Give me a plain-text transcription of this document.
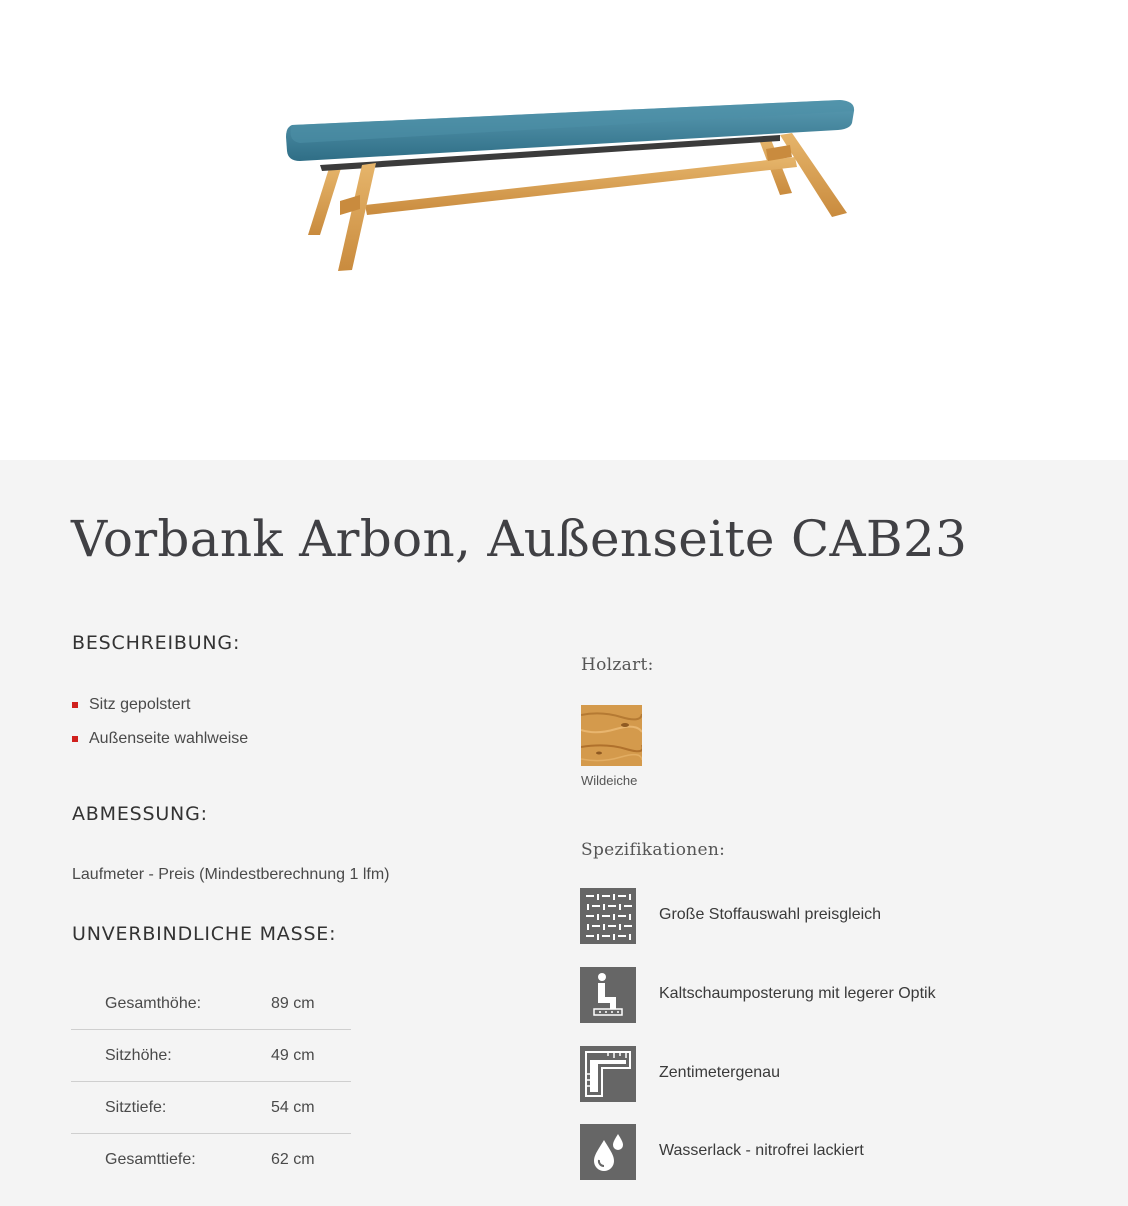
Vorbank Arbon, Außenseite CAB23
BESCHREIBUNG:
Sitz gepolstert
Außenseite wahlweise
ABMESSUNG:

Laufmeter - Preis (Mindestberechnung 1 lfm)

UNVERBINDLICHE MASSE:
Gesamthöhe:	89 cm
Sitzhöhe:	49 cm
Sitztiefe:	54 cm
Gesamttiefe:	62 cm

Holzart:

Wildeiche

Spezifikationen:

Große Stoffauswahl preisgleich
Kaltschaumposterung mit legerer Optik
Zentimetergenau
Wasserlack - nitrofrei lackiert
